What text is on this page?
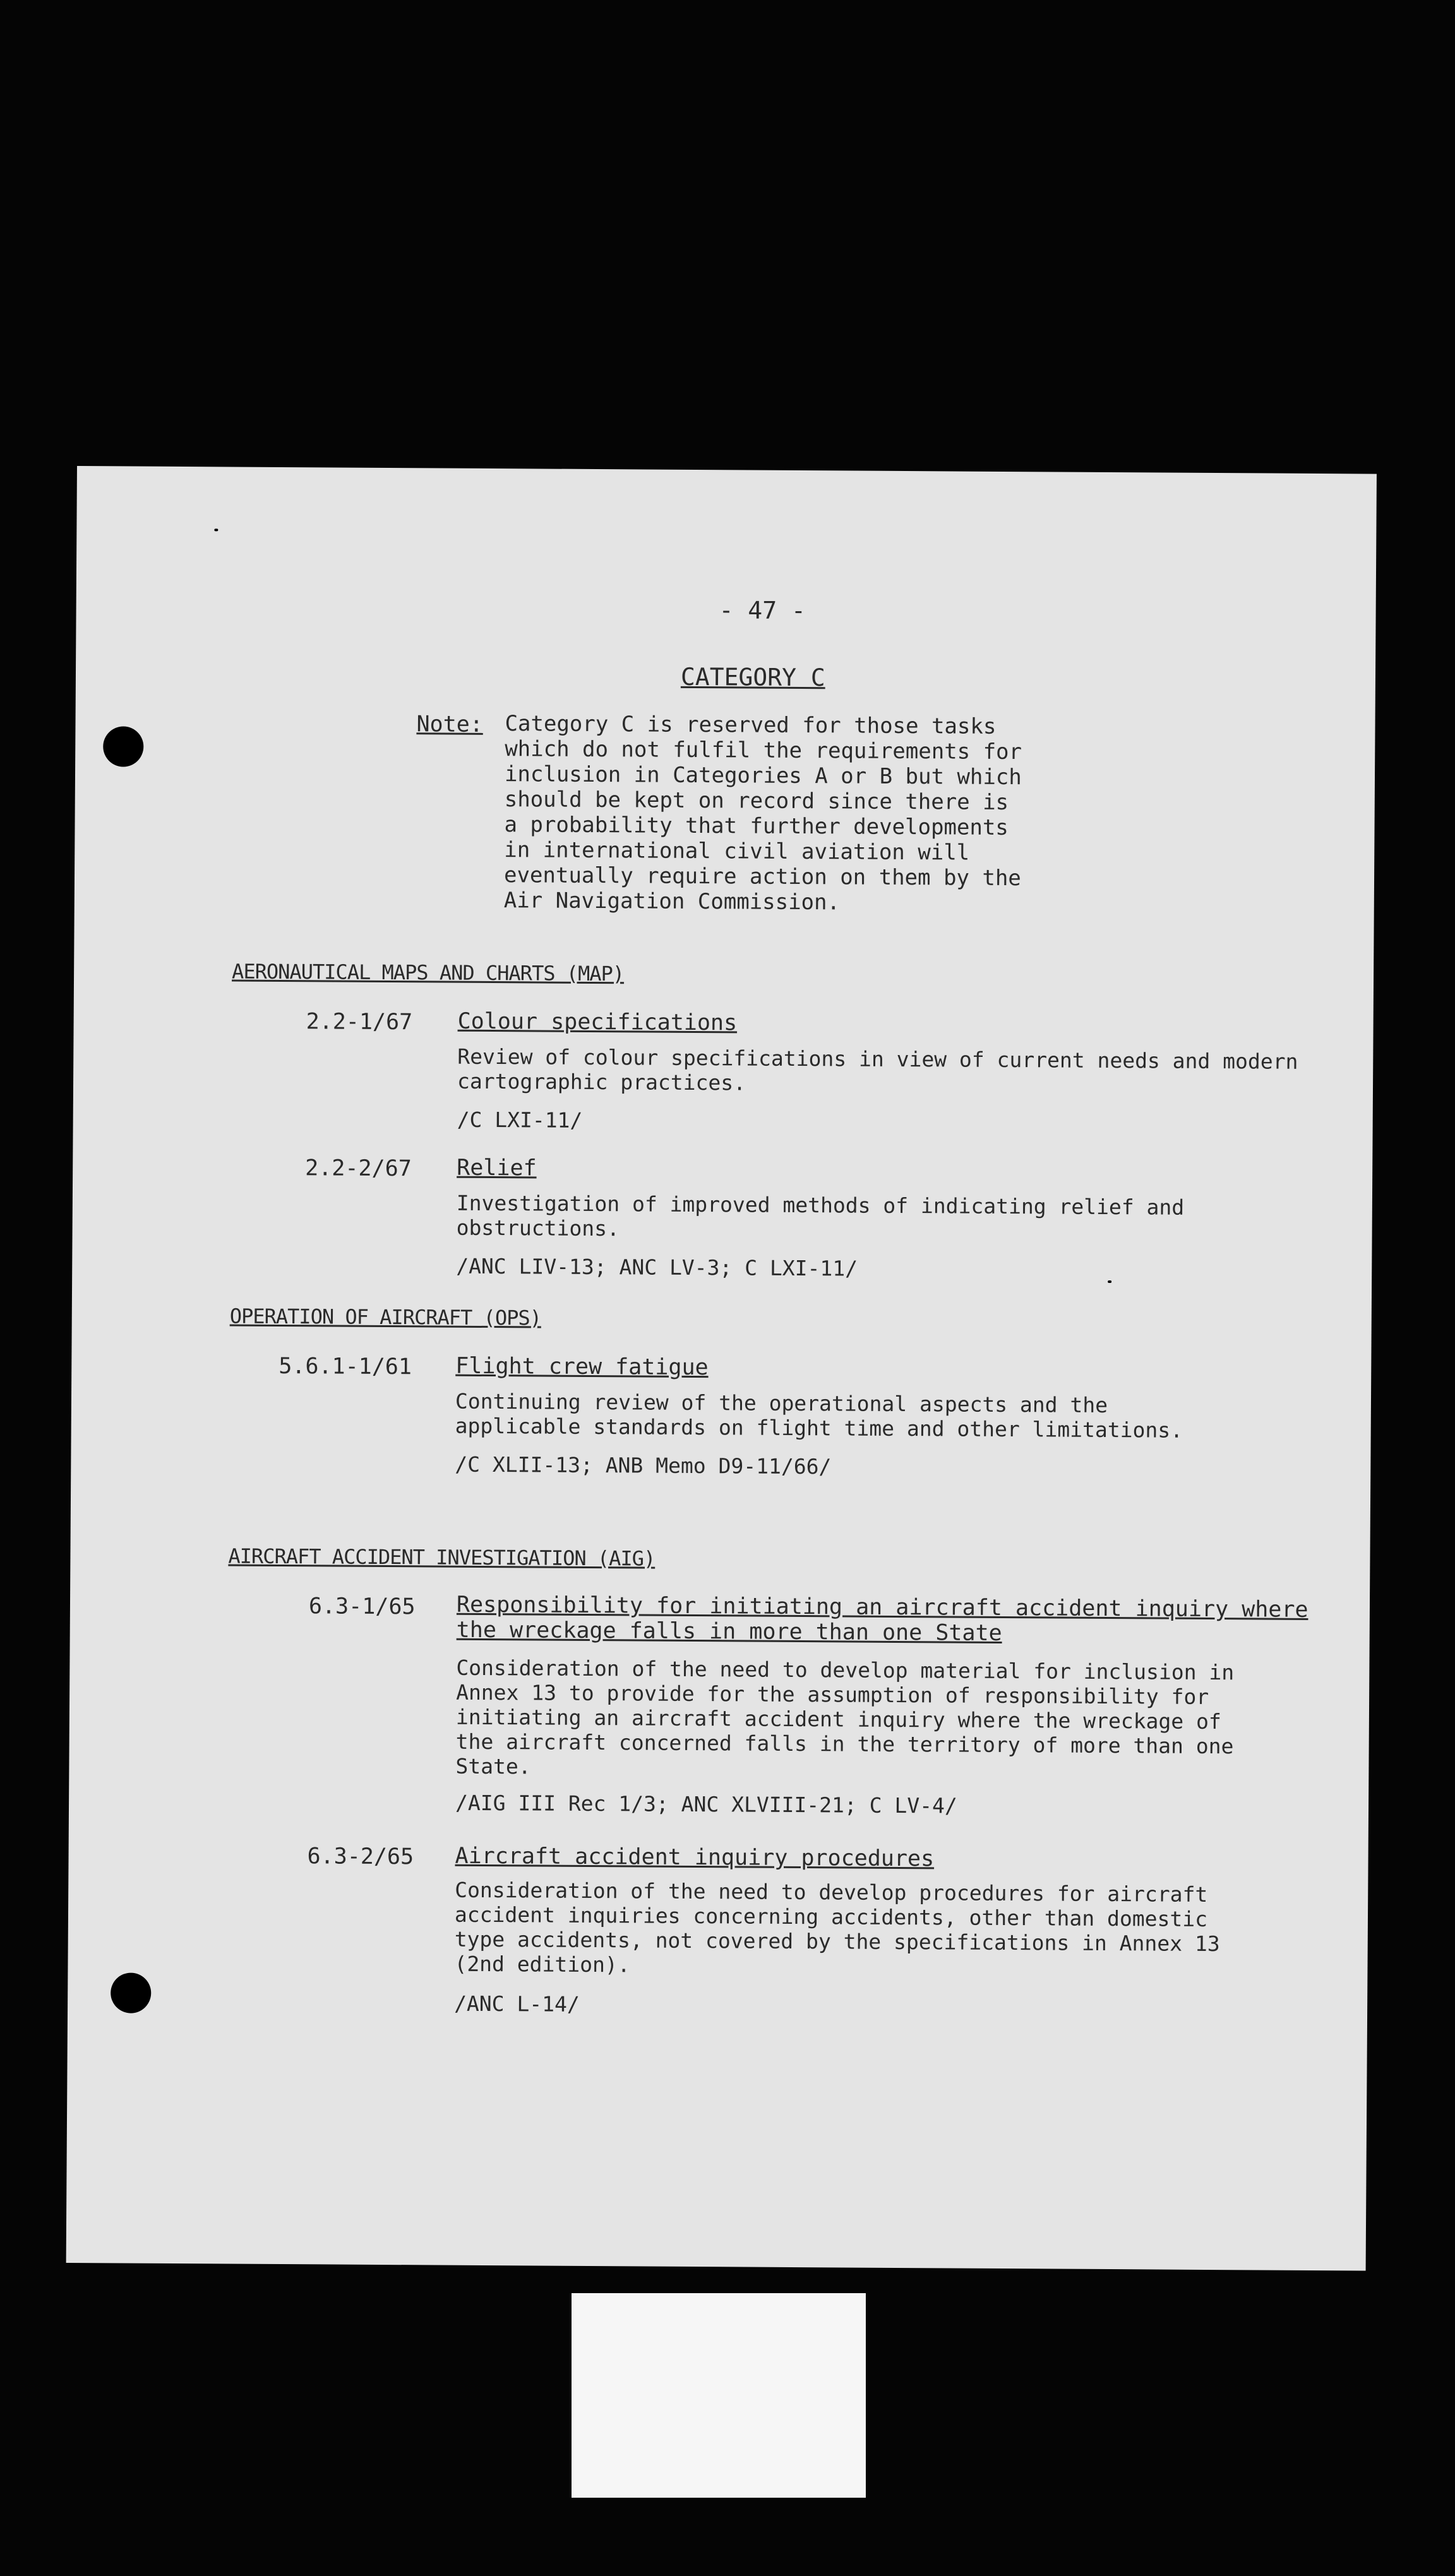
- 47 -
CATEGORY C
Note: Category C is reserved for those tasks
which do not fulfil the requirements for
inclusion in Categories A or B but which
should be kept on record since there is
a probability that further developments
in international civil aviation will
eventually require action on them by the
Air Navigation Commission.
AERONAUTICAL MAPS AND CHARTS (MAP)
2.2-1/67 Colour specifications
Review of colour specifications in view of current needs and modern
cartographic practices.
/C LXI-11/
2.2-2/67 Relief
Investigation of improved methods of indicating relief and
obstructions.
/ANC LIV-13; ANC LV-3; C LXI-11/
OPERATION OF AIRCRAFT (OPS)
5.6.1-1/61 Flight crew fatigue
Continuing review of the operational aspects and the
applicable standards on flight time and other limitations.
/C XLII-13; ANB Memo D9-11/66/
AIRCRAFT ACCIDENT INVESTIGATION (AIG)
6.3-1/65 Responsibility for initiating an aircraft accident inquiry where
the wreckage falls in more than one State
Consideration of the need to develop material for inclusion in
Annex 13 to provide for the assumption of responsibility for
initiating an aircraft accident inquiry where the wreckage of
the aircraft concerned falls in the territory of more than one
State.
/AIG III Rec 1/3; ANC XLVIII-21; C LV-4/
6.3-2/65 Aircraft accident inquiry procedures
Consideration of the need to develop procedures for aircraft
accident inquiries concerning accidents, other than domestic
type accidents, not covered by the specifications in Annex 13
(2nd edition).
/ANC L-14/
